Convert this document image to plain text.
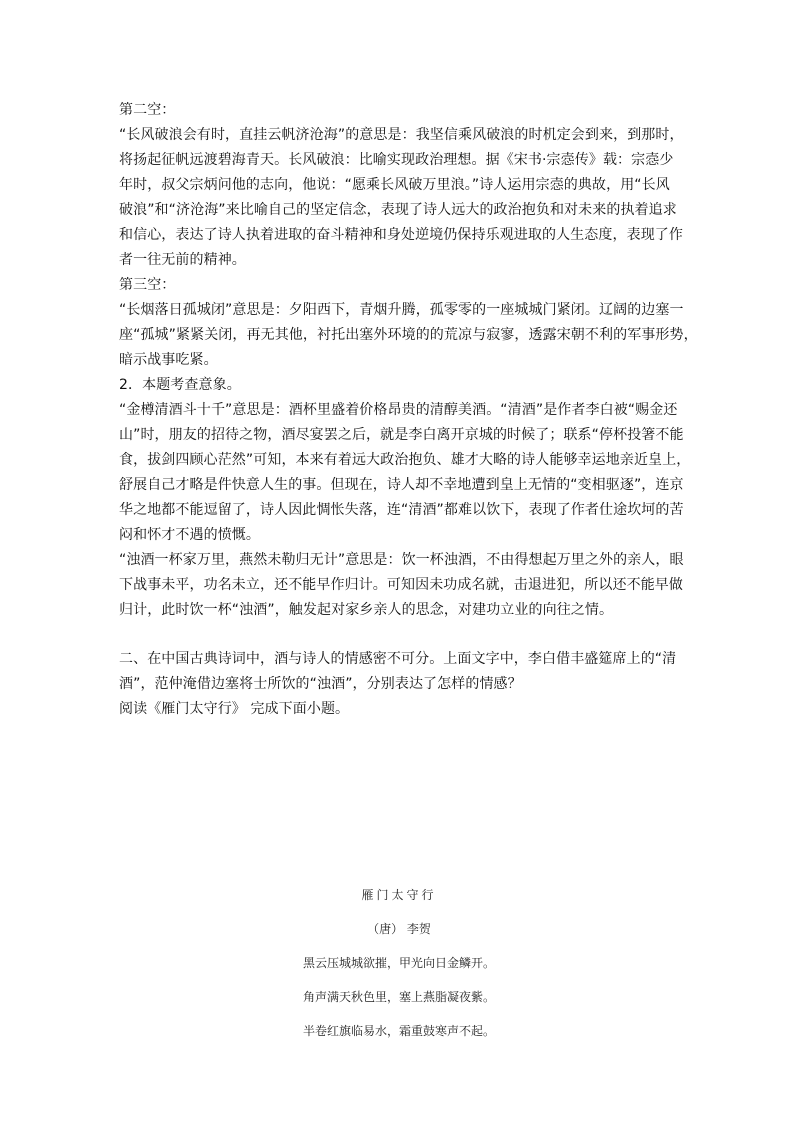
第二空：
“长风破浪会有时，直挂云帆济沧海”的意思是：我坚信乘风破浪的时机定会到来，到那时，
将扬起征帆远渡碧海青天。长风破浪：比喻实现政治理想。据《宋书·宗悫传》载：宗悫少
年时，叔父宗炳问他的志向，他说：“愿乘长风破万里浪。”诗人运用宗悫的典故，用“长风
破浪”和“济沧海”来比喻自己的坚定信念，表现了诗人远大的政治抱负和对未来的执着追求
和信心，表达了诗人执着进取的奋斗精神和身处逆境仍保持乐观进取的人生态度，表现了作
者一往无前的精神。
第三空：
“长烟落日孤城闭”意思是：夕阳西下，青烟升腾，孤零零的一座城城门紧闭。辽阔的边塞一
座“孤城”紧紧关闭，再无其他，衬托出塞外环境的的荒凉与寂寥，透露宋朝不利的军事形势，
暗示战事吃紧。
2．本题考查意象。
“金樽清酒斗十千”意思是：酒杯里盛着价格昂贵的清醇美酒。“清酒”是作者李白被“赐金还
山”时，朋友的招待之物，酒尽宴罢之后，就是李白离开京城的时候了；联系“停杯投箸不能
食，拔剑四顾心茫然”可知，本来有着远大政治抱负、雄才大略的诗人能够幸运地亲近皇上，
舒展自己才略是件快意人生的事。但现在，诗人却不幸地遭到皇上无情的“变相驱逐”，连京
华之地都不能逗留了，诗人因此惆怅失落，连“清酒”都难以饮下，表现了作者仕途坎坷的苦
闷和怀才不遇的愤慨。
“浊酒一杯家万里，燕然未勒归无计”意思是：饮一杯浊酒，不由得想起万里之外的亲人，眼
下战事未平，功名未立，还不能早作归计。可知因未功成名就，击退进犯，所以还不能早做
归计，此时饮一杯“浊酒”，触发起对家乡亲人的思念，对建功立业的向往之情。
二、在中国古典诗词中，酒与诗人的情感密不可分。上面文字中，李白借丰盛筵席上的“清
酒”，范仲淹借边塞将士所饮的“浊酒”，分别表达了怎样的情感？
阅读《雁门太守行》 完成下面小题。
雁门太守行
（唐） 李贺
黑云压城城欲摧，甲光向日金鳞开。
角声满天秋色里，塞上燕脂凝夜紫。
半卷红旗临易水，霜重鼓寒声不起。
